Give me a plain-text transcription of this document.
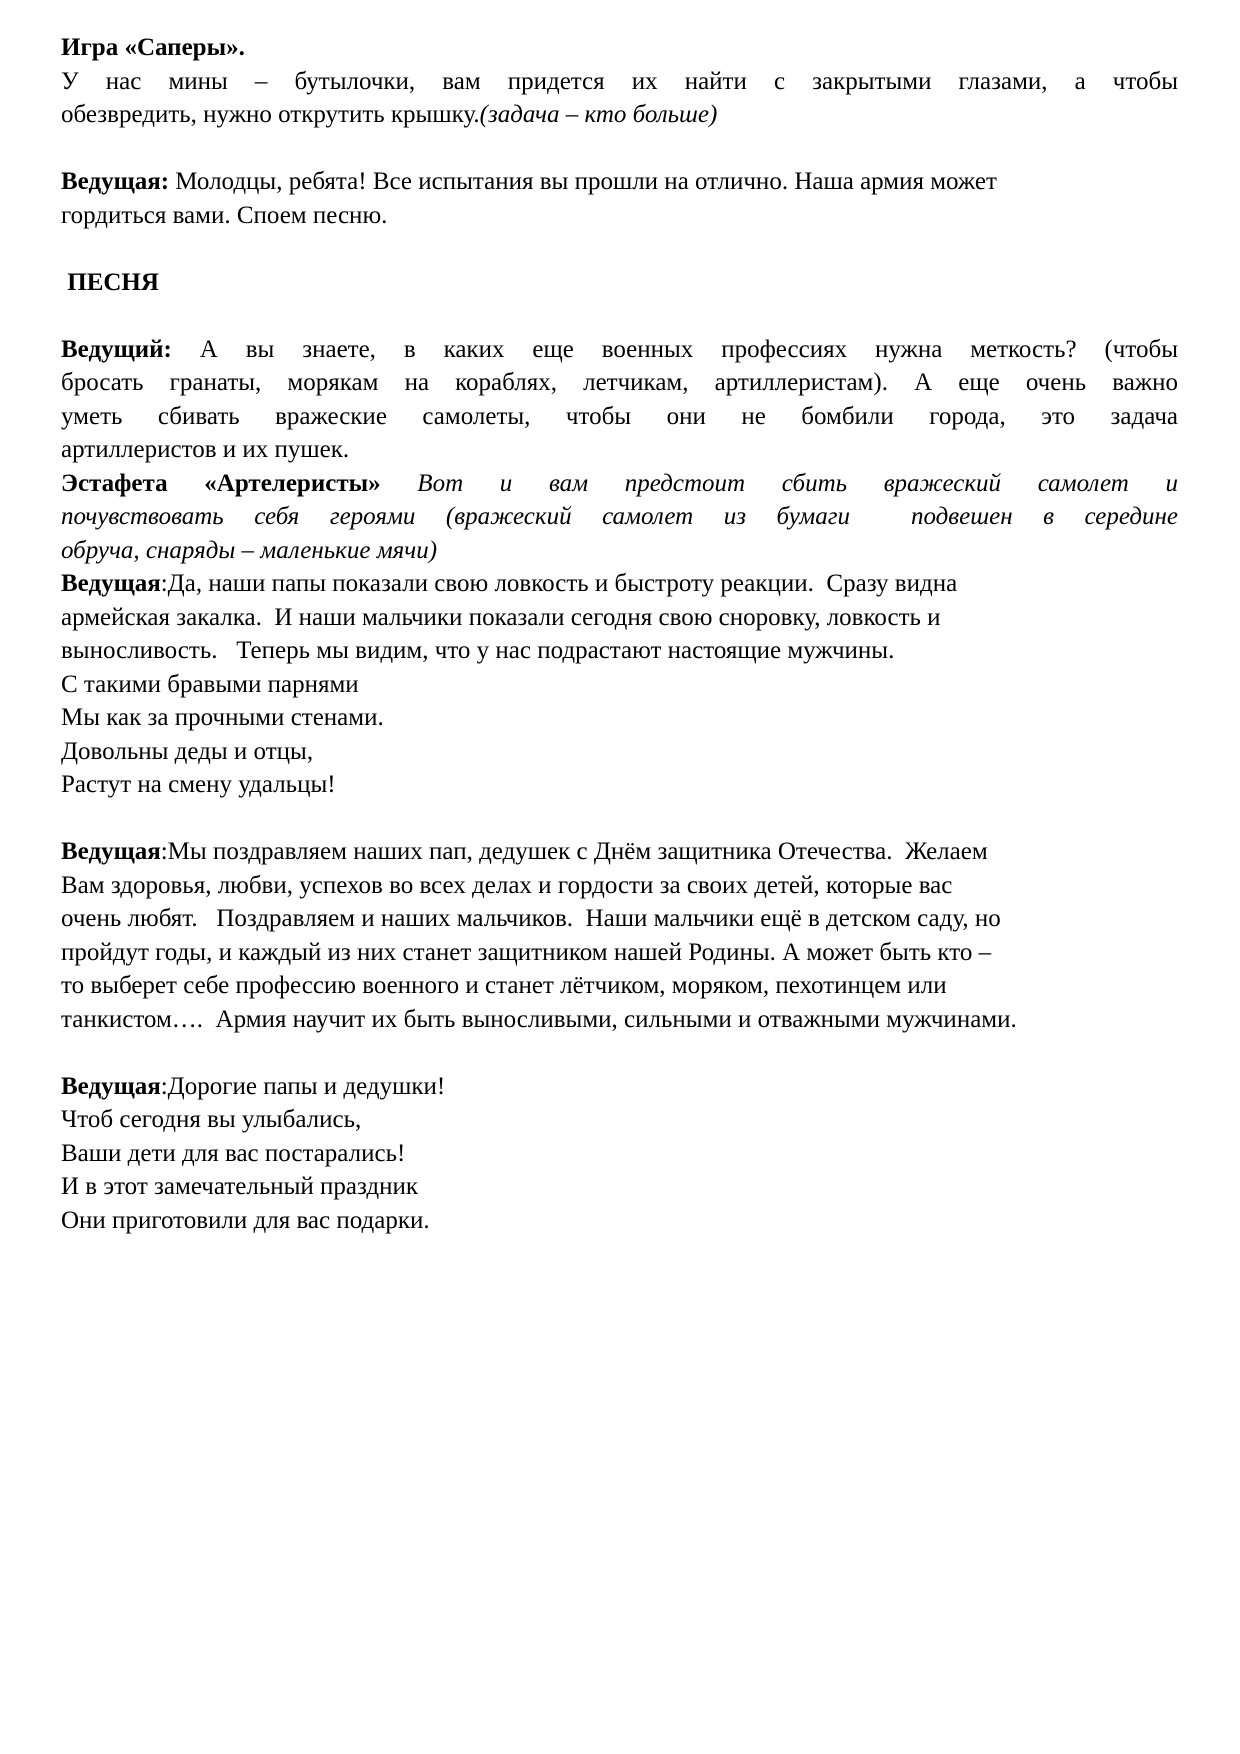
Игра «Саперы».
У нас мины – бутылочки, вам придется их найти с закрытыми глазами, а чтобы
обезвредить, нужно открутить крышку.(задача – кто больше)
Ведущая: Молодцы, ребята! Все испытания вы прошли на отлично. Наша армия может
гордиться вами. Споем песню.
ПЕСНЯ
Ведущий: А вы знаете, в каких еще военных профессиях нужна меткость? (чтобы
бросать гранаты, морякам на кораблях, летчикам, артиллеристам). А еще очень важно
уметь сбивать вражеские самолеты, чтобы они не бомбили города, это задача
артиллеристов и их пушек.
Эстафета «Артелеристы» Вот и вам предстоит сбить вражеский самолет и
почувствовать себя героями (вражеский самолет из бумаги  подвешен в середине
обруча, снаряды – маленькие мячи)
Ведущая:Да, наши папы показали свою ловкость и быстроту реакции.  Сразу видна
армейская закалка.  И наши мальчики показали сегодня свою сноровку, ловкость и
выносливость.   Теперь мы видим, что у нас подрастают настоящие мужчины.
С такими бравыми парнями
Мы как за прочными стенами.
Довольны деды и отцы,
Растут на смену удальцы!
Ведущая:Мы поздравляем наших пап, дедушек с Днём защитника Отечества.  Желаем
Вам здоровья, любви, успехов во всех делах и гордости за своих детей, которые вас
очень любят.   Поздравляем и наших мальчиков.  Наши мальчики ещё в детском саду, но
пройдут годы, и каждый из них станет защитником нашей Родины. А может быть кто –
то выберет себе профессию военного и станет лётчиком, моряком, пехотинцем или
танкистом….  Армия научит их быть выносливыми, сильными и отважными мужчинами.
Ведущая:Дорогие папы и дедушки!
Чтоб сегодня вы улыбались,
Ваши дети для вас постарались!
И в этот замечательный праздник
Они приготовили для вас подарки.
